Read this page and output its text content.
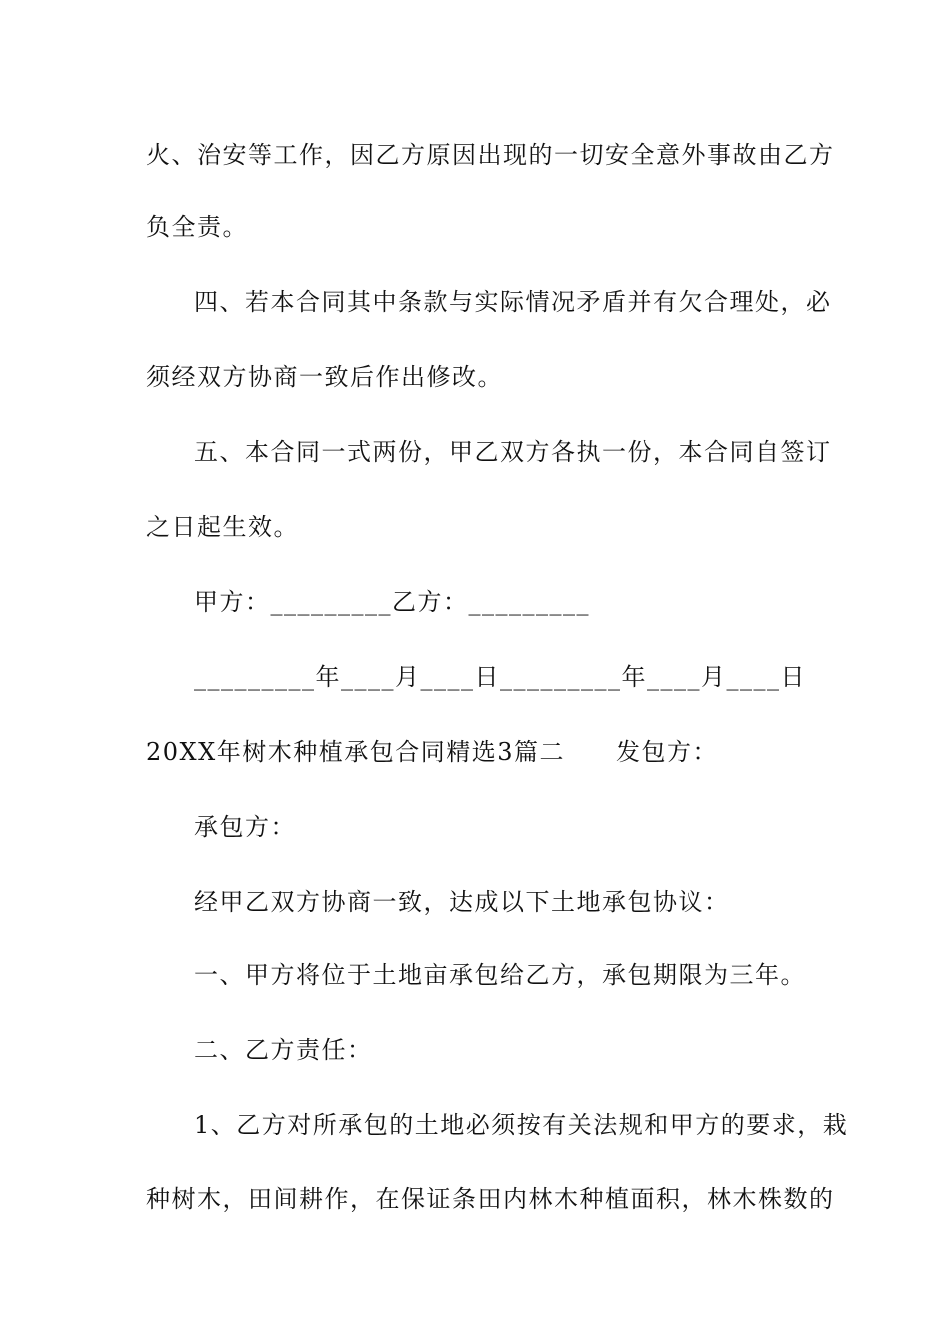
火、治安等工作，因乙方原因出现的一切安全意外事故由乙方
负全责。
四、若本合同其中条款与实际情况矛盾并有欠合理处，必
须经双方协商一致后作出修改。
五、本合同一式两份，甲乙双方各执一份，本合同自签订
之日起生效。
甲方：_________乙方：_________
_________年____月____日_________年____月____日
20XX年树木种植承包合同精选3篇二　　发包方：
承包方：
经甲乙双方协商一致，达成以下土地承包协议：
一、甲方将位于土地亩承包给乙方，承包期限为三年。
二、乙方责任：
1、乙方对所承包的土地必须按有关法规和甲方的要求，栽
种树木，田间耕作，在保证条田内林木种植面积，林木株数的
